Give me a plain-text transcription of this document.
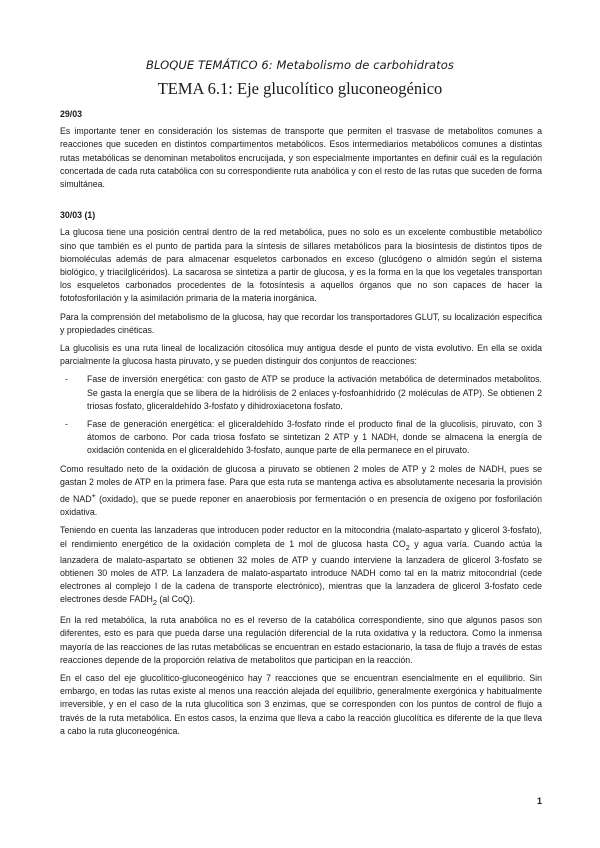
BLOQUE TEMÁTICO 6: Metabolismo de carbohidratos
TEMA 6.1: Eje glucolítico gluconeogénico
29/03

Es importante tener en consideración los sistemas de transporte que permiten el trasvase de metabolitos comunes a reacciones que suceden en distintos compartimentos metabólicos. Esos intermediarios metabólicos comunes a distintas rutas metabólicas se denominan metabolitos encrucijada, y son especialmente importantes en definir cuál es la regulación concertada de cada ruta catabólica con su correspondiente ruta anabólica y con el resto de las rutas que suceden de forma simultánea.

30/03 (1)

La glucosa tiene una posición central dentro de la red metabólica, pues no solo es un excelente combustible metabólico sino que también es el punto de partida para la síntesis de sillares metabólicos para la biosíntesis de distintos tipos de biomoléculas además de para almacenar esqueletos carbonados en exceso (glucógeno o almidón según el sistema biológico, y triacilglicéridos). La sacarosa se sintetiza a partir de glucosa, y es la forma en la que los vegetales transportan los esqueletos carbonados procedentes de la fotosíntesis a aquellos órganos que no son capaces de hacer la fotofosforilación y la asimilación primaria de la materia inorgánica.

Para la comprensión del metabolismo de la glucosa, hay que recordar los transportadores GLUT, su localización específica y propiedades cinéticas.

La glucolisis es una ruta lineal de localización citosólica muy antigua desde el punto de vista evolutivo. En ella se oxida parcialmente la glucosa hasta piruvato, y se pueden distinguir dos conjuntos de reacciones:

- Fase de inversión energética: con gasto de ATP se produce la activación metabólica de determinados metabolitos. Se gasta la energía que se libera de la hidrólisis de 2 enlaces γ-fosfoanhídrido (2 moléculas de ATP). Se obtienen 2 triosas fosfato, gliceraldehído 3-fosfato y dihidroxiacetona fosfato.
- Fase de generación energética: el gliceraldehído 3-fosfato rinde el producto final de la glucolisis, piruvato, con 3 átomos de carbono. Por cada triosa fosfato se sintetizan 2 ATP y 1 NADH, donde se almacena la energía de oxidación contenida en el gliceraldehído 3-fosfato, aunque parte de ella permanece en el piruvato.

Como resultado neto de la oxidación de glucosa a piruvato se obtienen 2 moles de ATP y 2 moles de NADH, pues se gastan 2 moles de ATP en la primera fase. Para que esta ruta se mantenga activa es absolutamente necesaria la provisión de NAD+ (oxidado), que se puede reponer en anaerobiosis por fermentación o en presencia de oxígeno por fosforilación oxidativa.

Teniendo en cuenta las lanzaderas que introducen poder reductor en la mitocondria (malato-aspartato y glicerol 3-fosfato), el rendimiento energético de la oxidación completa de 1 mol de glucosa hasta $CO_2$ y agua varía. Cuando actúa la lanzadera de malato-aspartato se obtienen 32 moles de ATP y cuando interviene la lanzadera de glicerol 3-fosfato se obtienen 30 moles de ATP. La lanzadera de malato-aspartato introduce NADH como tal en la matriz mitocondrial (cede electrones al complejo I de la cadena de transporte electrónico), mientras que la lanzadera de glicerol 3-fosfato cede electrones desde $FADH_2$ (al CoQ).

En la red metabólica, la ruta anabólica no es el reverso de la catabólica correspondiente, sino que algunos pasos son diferentes, esto es para que pueda darse una regulación diferencial de la ruta oxidativa y la reductora. Como la inmensa mayoría de las reacciones de las rutas metabólicas se encuentran en estado estacionario, la tasa de flujo a través de estas reacciones depende de la proporción relativa de metabolitos que participan en la reacción.

En el caso del eje glucolítico-gluconeogénico hay 7 reacciones que se encuentran esencialmente en el equilibrio. Sin embargo, en todas las rutas existe al menos una reacción alejada del equilibrio, generalmente exergónica y habitualmente irreversible, y en el caso de la ruta glucolítica son 3 enzimas, que se corresponden con los puntos de control de flujo a través de la ruta metabólica. En estos casos, la enzima que lleva a cabo la reacción glucolítica es diferente de la que lleva a cabo la ruta gluconeogénica.

1
